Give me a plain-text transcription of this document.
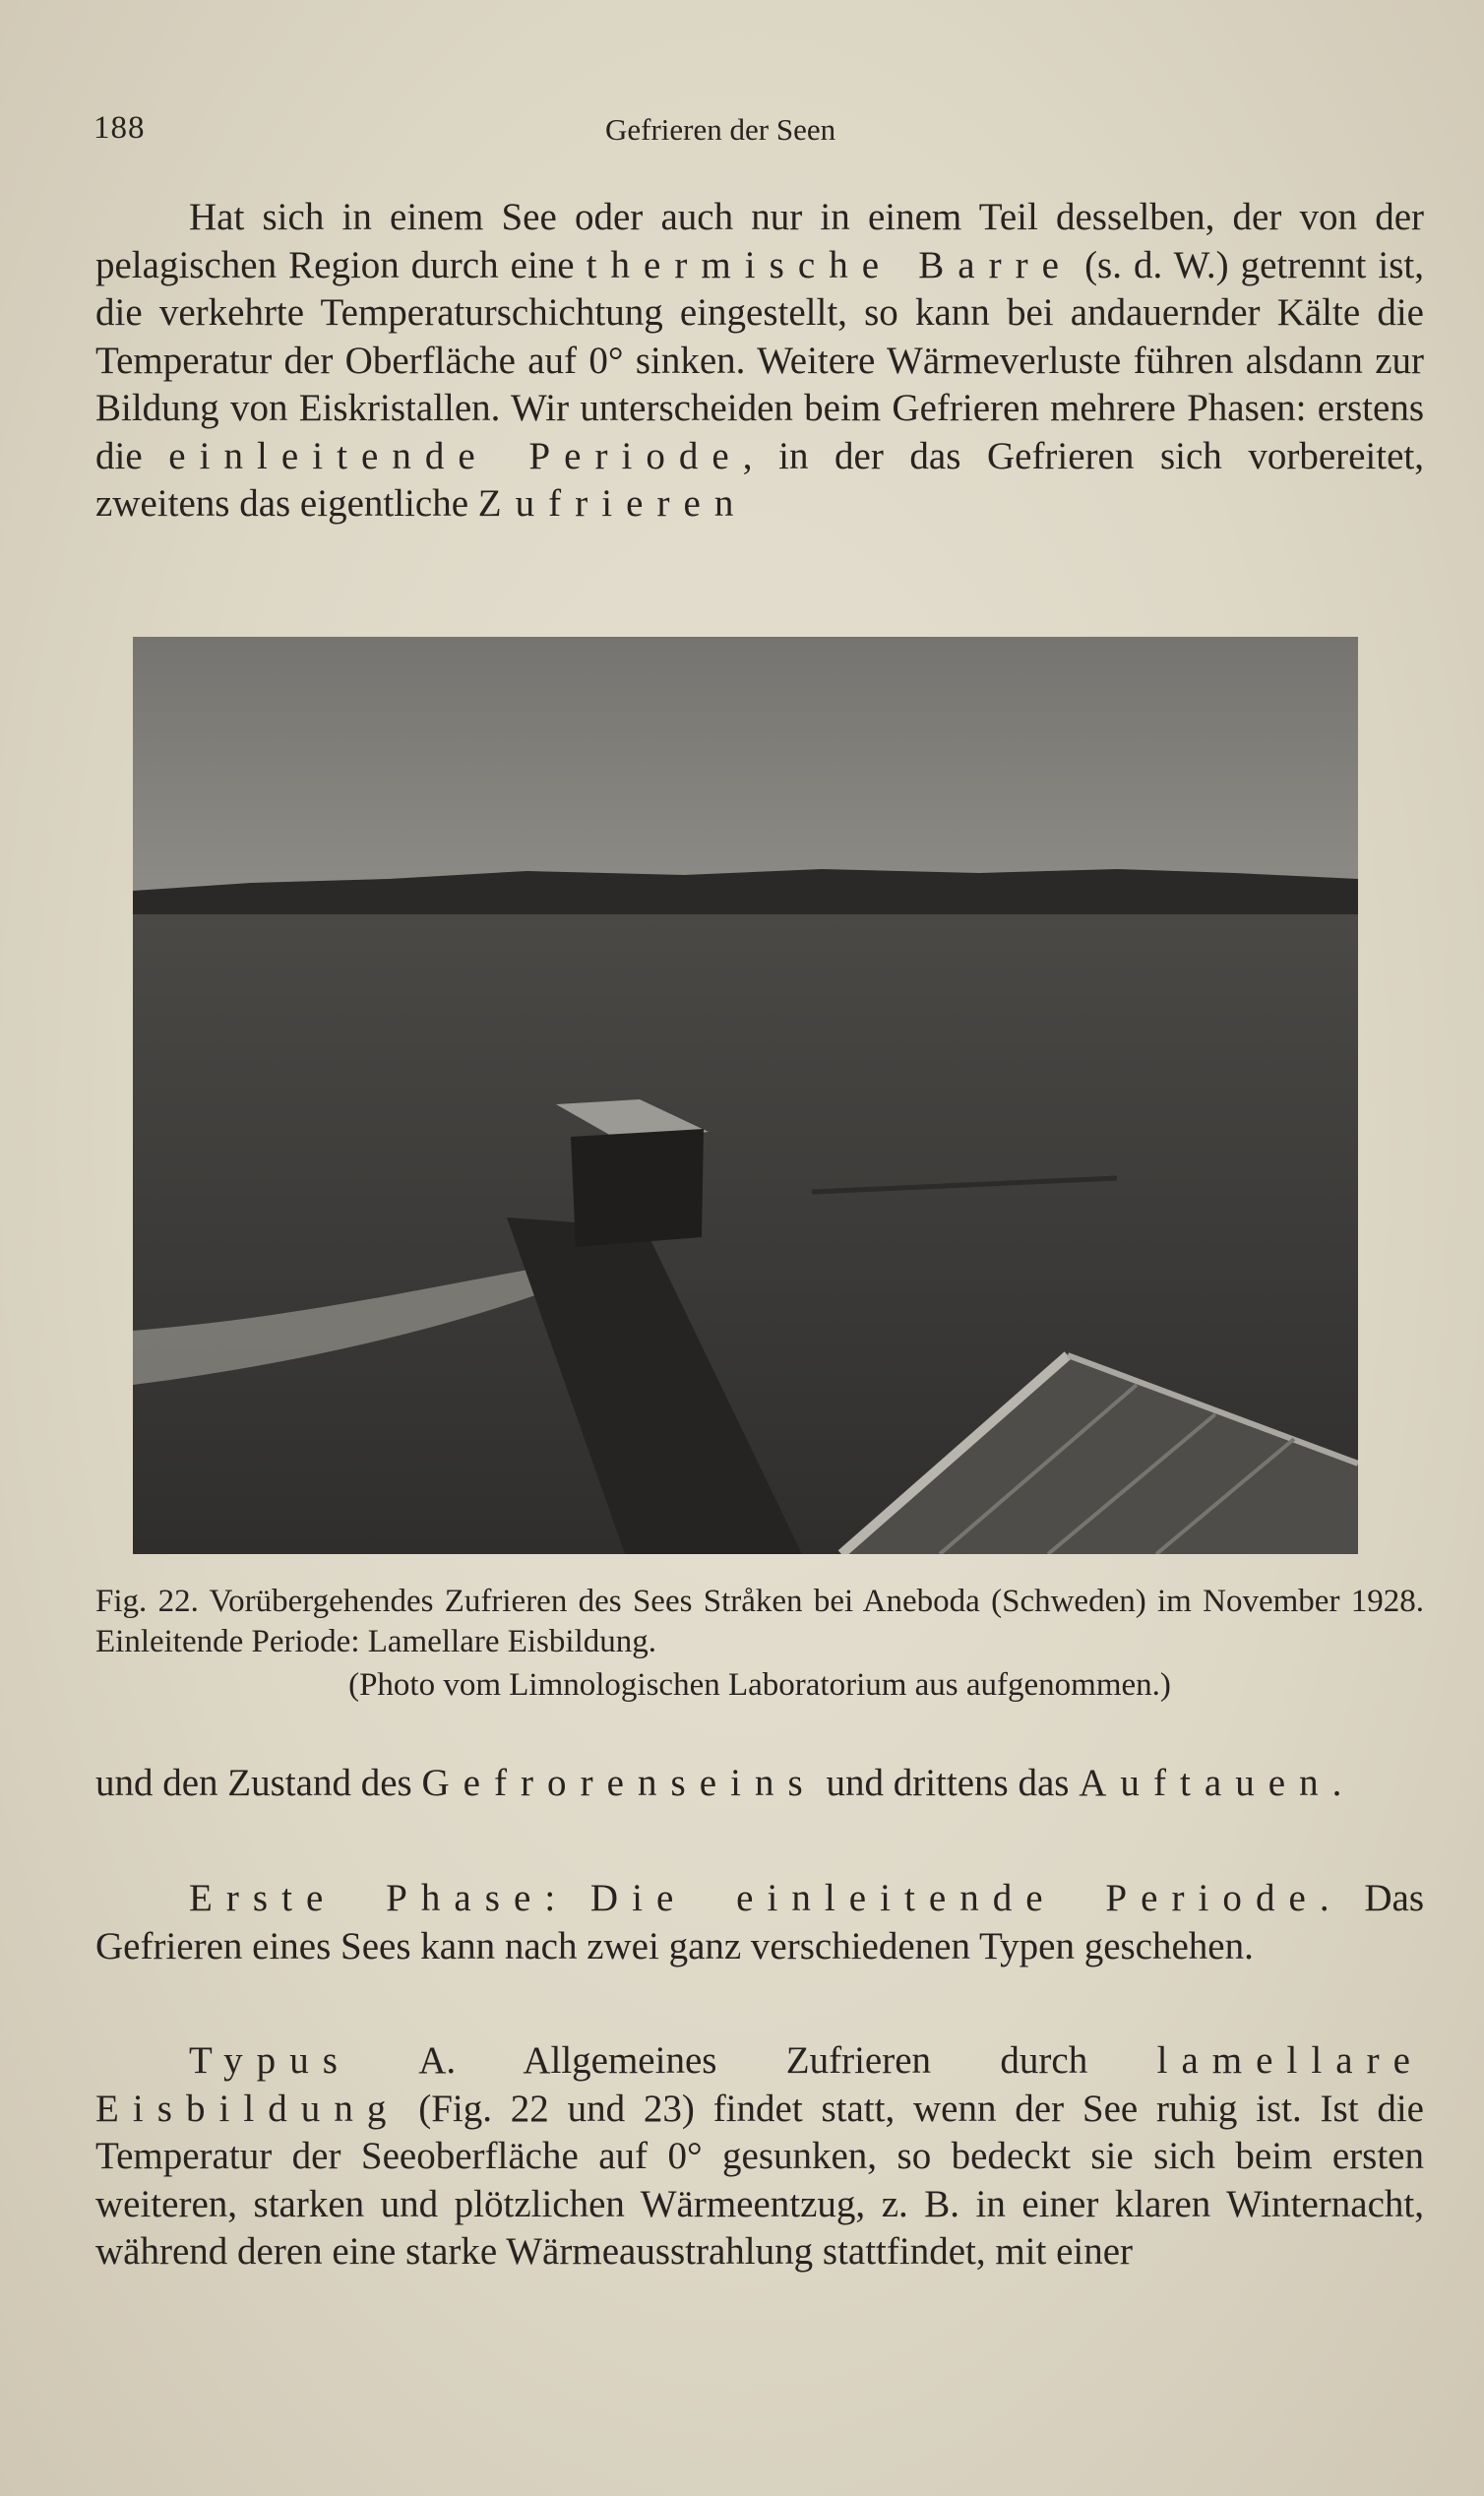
188	Gefrieren der Seen

Hat sich in einem See oder auch nur in einem Teil desselben, der von der pelagischen Region durch eine thermische Barre (s. d. W.) getrennt ist, die verkehrte Temperaturschichtung eingestellt, so kann bei andauernder Kälte die Temperatur der Oberfläche auf 0° sinken. Weitere Wärmeverluste führen alsdann zur Bildung von Eiskristallen. Wir unterscheiden beim Gefrieren mehrere Phasen: erstens die einleitende Periode, in der das Gefrieren sich vorbereitet, zweitens das eigentliche Zufrieren

Fig. 22. Vorübergehendes Zufrieren des Sees Stråken bei Aneboda (Schweden) im November 1928. Einleitende Periode: Lamellare Eisbildung.

(Photo vom Limnologischen Laboratorium aus aufgenommen.)

und den Zustand des Gefrorenseins und drittens das Auftauen.

Erste Phase: Die einleitende Periode. Das Gefrieren eines Sees kann nach zwei ganz verschiedenen Typen geschehen.

Typus A. Allgemeines Zufrieren durch lamellare Eisbildung (Fig. 22 und 23) findet statt, wenn der See ruhig ist. Ist die Temperatur der Seeoberfläche auf 0° gesunken, so bedeckt sie sich beim ersten weiteren, starken und plötzlichen Wärmeentzug, z. B. in einer klaren Winternacht, während deren eine starke Wärmeausstrahlung stattfindet, mit einer
